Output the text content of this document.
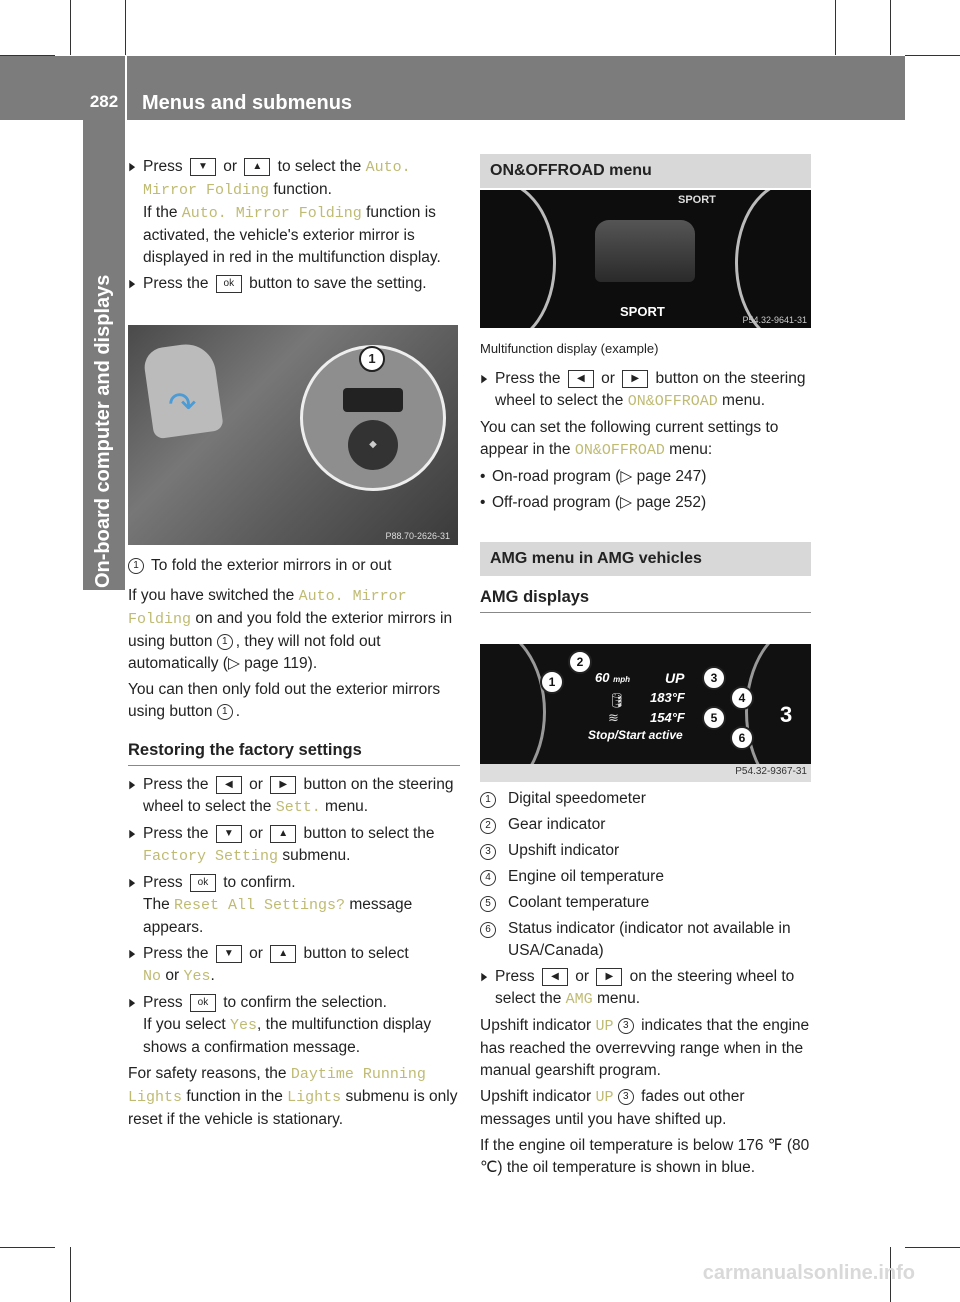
On-board computer and displays
282	Menus and submenus

▶ Press ▼ or ▲ to select the Auto. Mirror Folding function.
If the Auto. Mirror Folding function is activated, the vehicle's exterior mirror is displayed in red in the multifunction display.

▶ Press the ok button to save the setting.

↷
◆
1
P88.70-2626-31

1 To fold the exterior mirrors in or out

If you have switched the Auto. Mirror Folding on and you fold the exterior mirrors in using button 1 , they will not fold out automatically (▷ page 119).

You can then only fold out the exterior mirrors using button 1 .

Restoring the factory settings

▶ Press the ◀ or ▶ button on the steering wheel to select the Sett. menu.

▶ Press the ▼ or ▲ button to select the Factory Setting submenu.

▶ Press ok to confirm.
The Reset All Settings? message appears.

▶ Press the ▼ or ▲ button to select
No or Yes.

▶ Press ok to confirm the selection.
If you select Yes, the multifunction display shows a confirmation message.

For safety reasons, the Daytime Running Lights function in the Lights submenu is only reset if the vehicle is stationary.

ON&OFFROAD menu

SPORT
SPORT
P54.32-9641-31

Multifunction display (example)

▶ Press the ◀ or ▶ button on the steering wheel to select the ON&OFFROAD menu.

You can set the following current settings to appear in the ON&OFFROAD menu:

• On-road program (▷ page 247)

• Off-road program (▷ page 252)

AMG menu in AMG vehicles

AMG displays

60 mph	UP
183°F
154°F
Stop/Start active
🛢
≋	3
P54.32-9367-31
1
2
3
4
5
6
1	Digital speedometer
2	Gear indicator
3	Upshift indicator
4	Engine oil temperature
5	Coolant temperature
6	Status indicator (indicator not available in USA/Canada)

▶ Press ◀ or ▶ on the steering wheel to select the AMG menu.

Upshift indicator UP 3 indicates that the engine has reached the overrevving range when in the manual gearshift program.

Upshift indicator UP 3 fades out other messages until you have shifted up.

If the engine oil temperature is below 176 ℉ (80 ℃) the oil temperature is shown in blue.

carmanualsonline.info
